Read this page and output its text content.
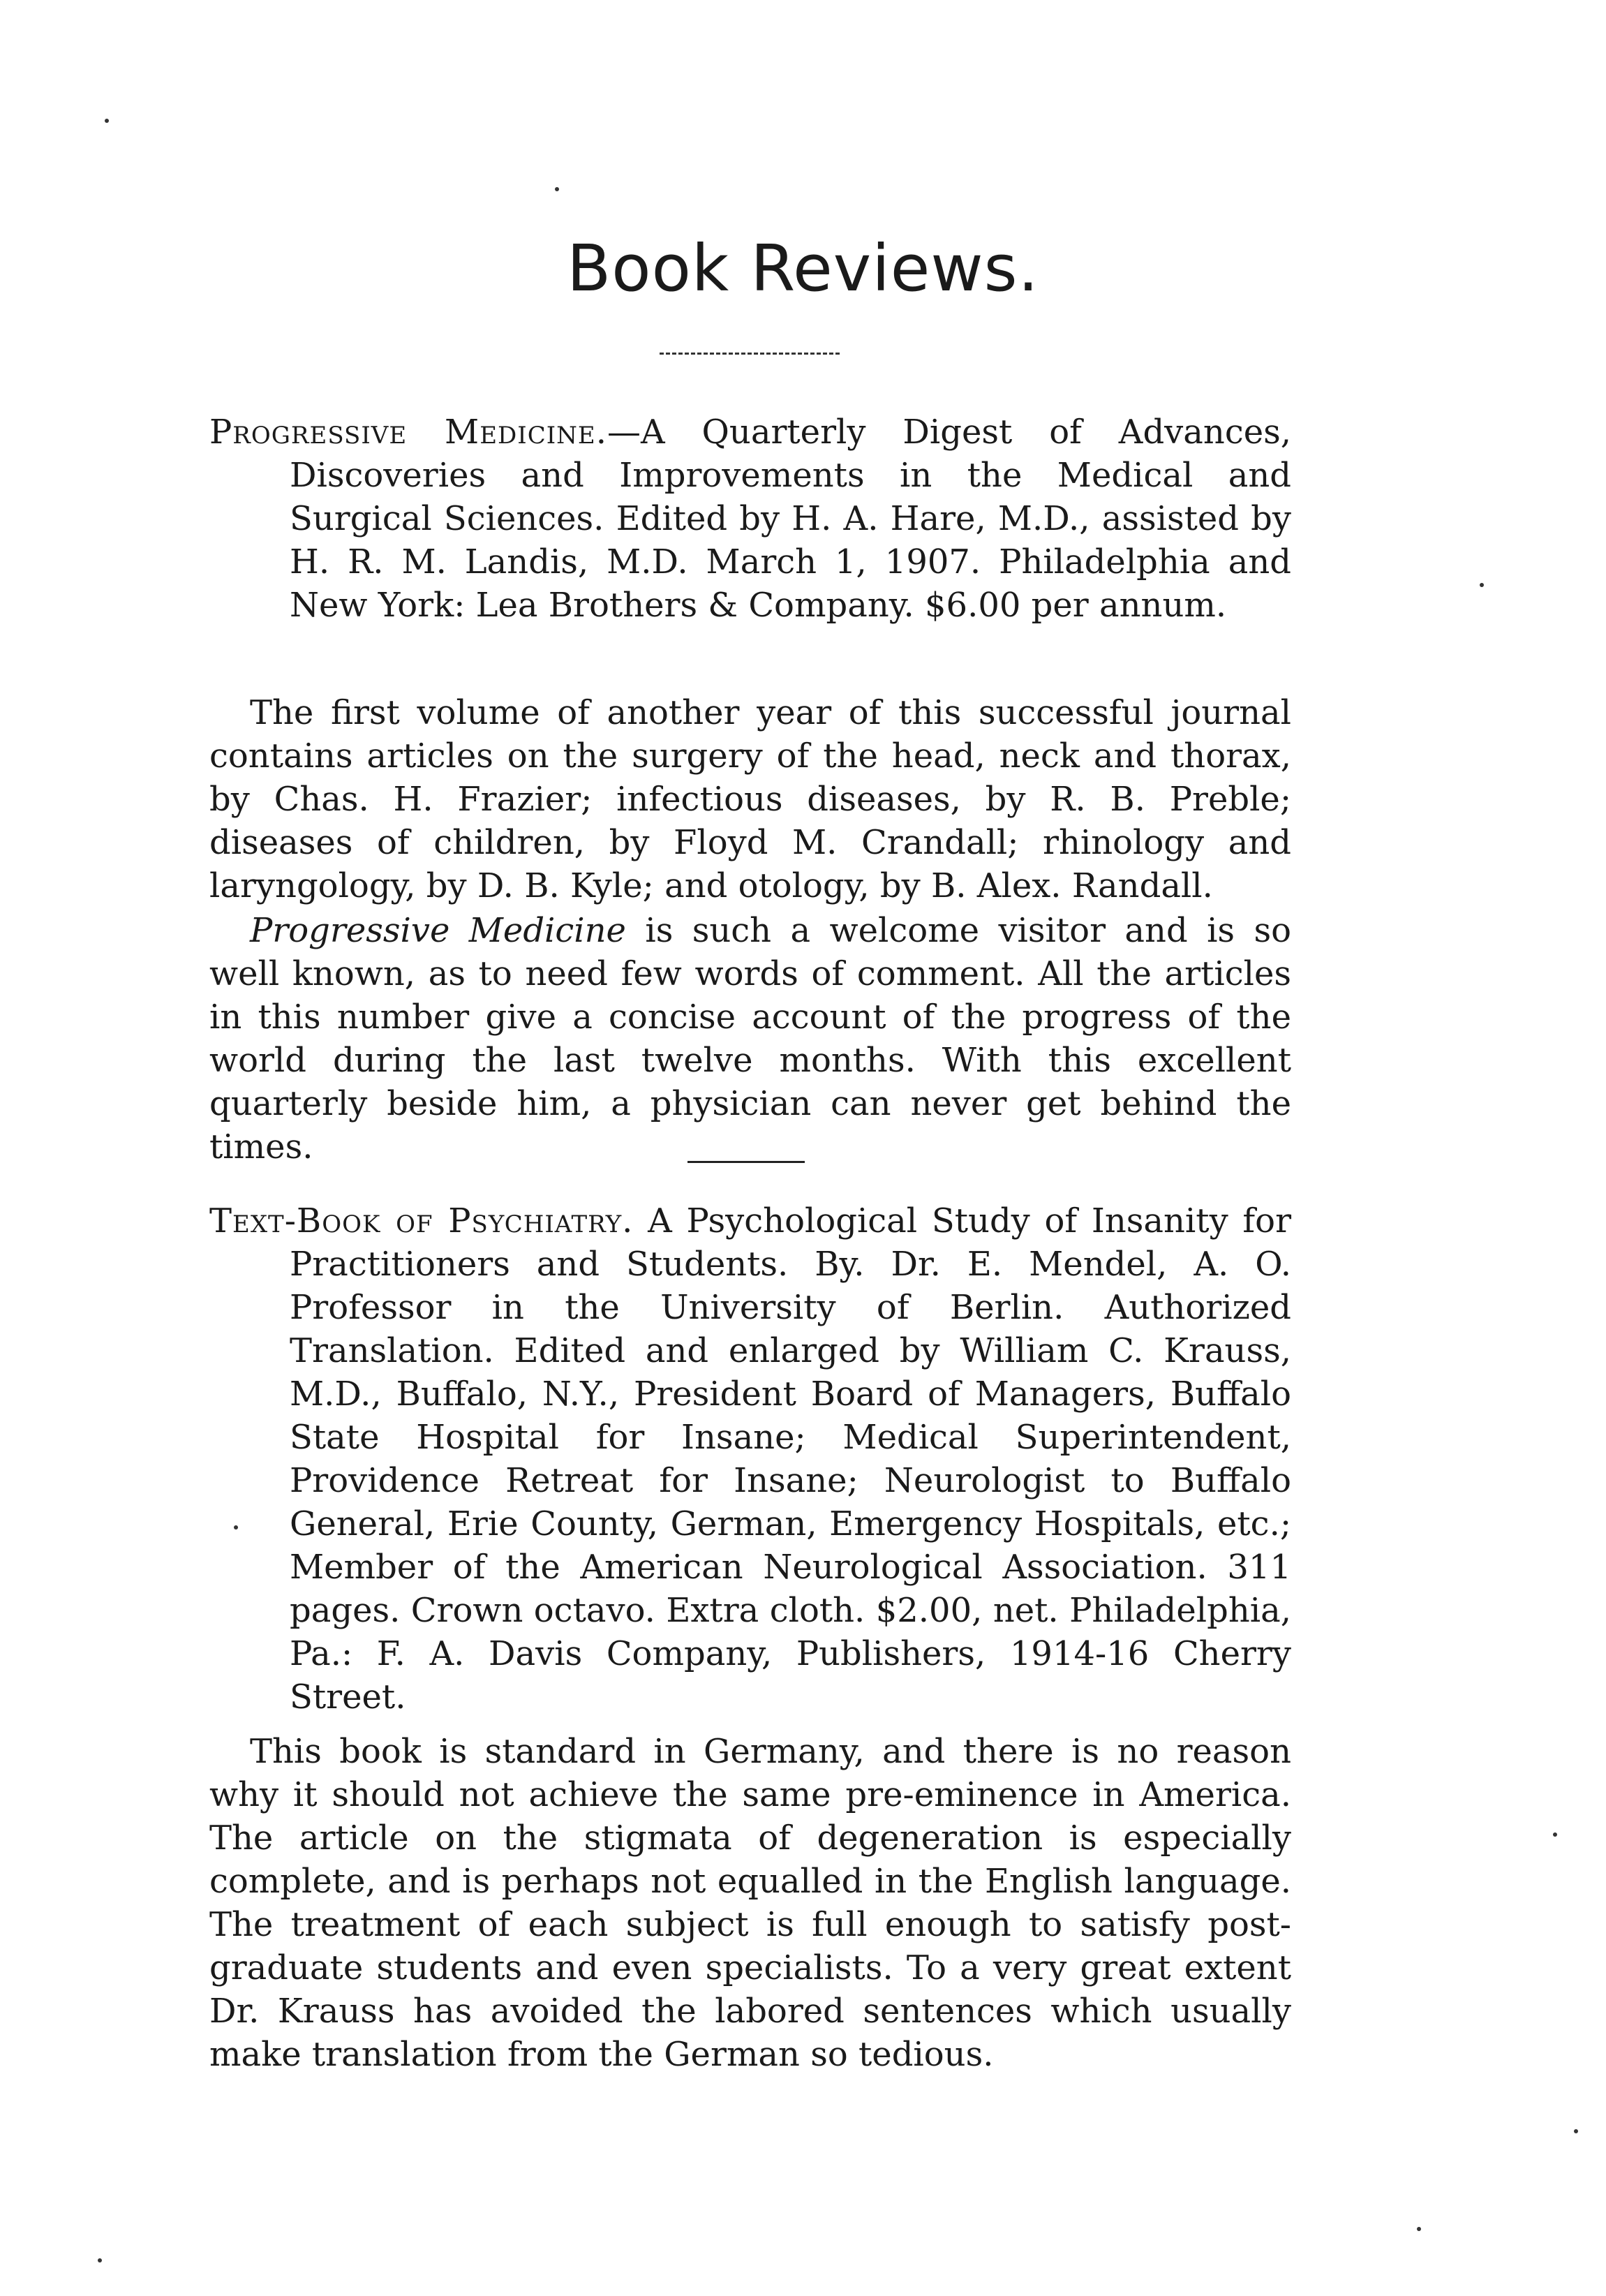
Book Reviews.
Progressive Medicine.—A Quarterly Digest of Advances, Discoveries and Improvements in the Medical and Surgical Sciences. Edited by H. A. Hare, M.D., assisted by H. R. M. Landis, M.D. March 1, 1907. Philadelphia and New York: Lea Brothers & Company. $6.00 per annum.
The first volume of another year of this successful journal contains articles on the surgery of the head, neck and thorax, by Chas. H. Frazier; infectious diseases, by R. B. Preble; diseases of children, by Floyd M. Crandall; rhinology and laryngology, by D. B. Kyle; and otology, by B. Alex. Randall.
Progressive Medicine is such a welcome visitor and is so well known, as to need few words of comment. All the articles in this number give a concise account of the progress of the world during the last twelve months. With this excellent quarterly beside him, a physician can never get behind the times.
Text-Book of Psychiatry. A Psychological Study of Insanity for Practitioners and Students. By. Dr. E. Mendel, A. O. Professor in the University of Berlin. Authorized Translation. Edited and enlarged by William C. Krauss, M.D., Buffalo, N.Y., President Board of Managers, Buffalo State Hospital for Insane; Medical Superintendent, Providence Retreat for Insane; Neurologist to Buffalo General, Erie County, German, Emergency Hospitals, etc.; Member of the American Neurological Association. 311 pages. Crown octavo. Extra cloth. $2.00, net. Philadelphia, Pa.: F. A. Davis Company, Publishers, 1914-16 Cherry Street.
This book is standard in Germany, and there is no reason why it should not achieve the same pre-eminence in America. The article on the stigmata of degeneration is especially complete, and is perhaps not equalled in the English language. The treatment of each subject is full enough to satisfy post-graduate students and even specialists. To a very great extent Dr. Krauss has avoided the labored sentences which usually make translation from the German so tedious.
